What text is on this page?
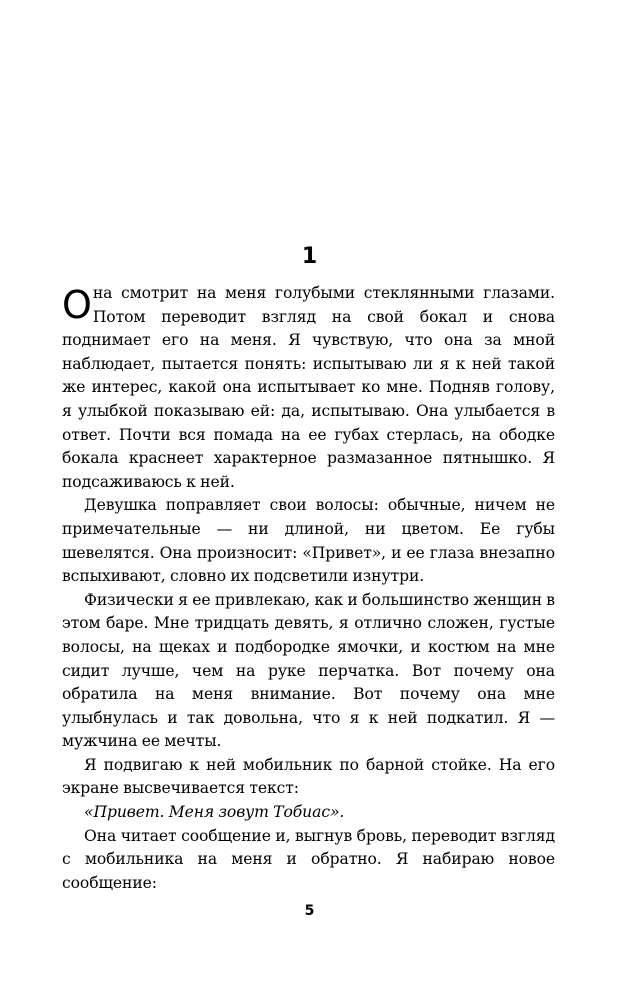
1

Она смотрит на меня голубыми стеклянными глазами. Потом переводит взгляд на свой бокал и снова поднимает его на меня. Я чувствую, что она за мной наблюдает, пытается понять: испытываю ли я к ней такой же интерес, какой она испытывает ко мне. Подняв голову, я улыбкой показываю ей: да, испытываю. Она улыбается в ответ. Почти вся помада на ее губах стерлась, на ободке бокала краснеет характерное размазанное пятнышко. Я подсаживаюсь к ней.

Девушка поправляет свои волосы: обычные, ничем не примечательные — ни длиной, ни цветом. Ее губы шевелятся. Она произносит: «Привет», и ее глаза внезапно вспыхивают, словно их подсветили изнутри.

Физически я ее привлекаю, как и большинство женщин в этом баре. Мне тридцать девять, я отлично сложен, густые волосы, на щеках и подбородке ямочки, и костюм на мне сидит лучше, чем на руке перчатка. Вот почему она обратила на меня внимание. Вот почему она мне улыбнулась и так довольна, что я к ней подкатил. Я — мужчина ее мечты.

Я подвигаю к ней мобильник по барной стойке. На его экране высвечивается текст:

«Привет. Меня зовут Тобиас».

Она читает сообщение и, выгнув бровь, переводит взгляд с мобильника на меня и обратно. Я набираю новое сообщение:

5
